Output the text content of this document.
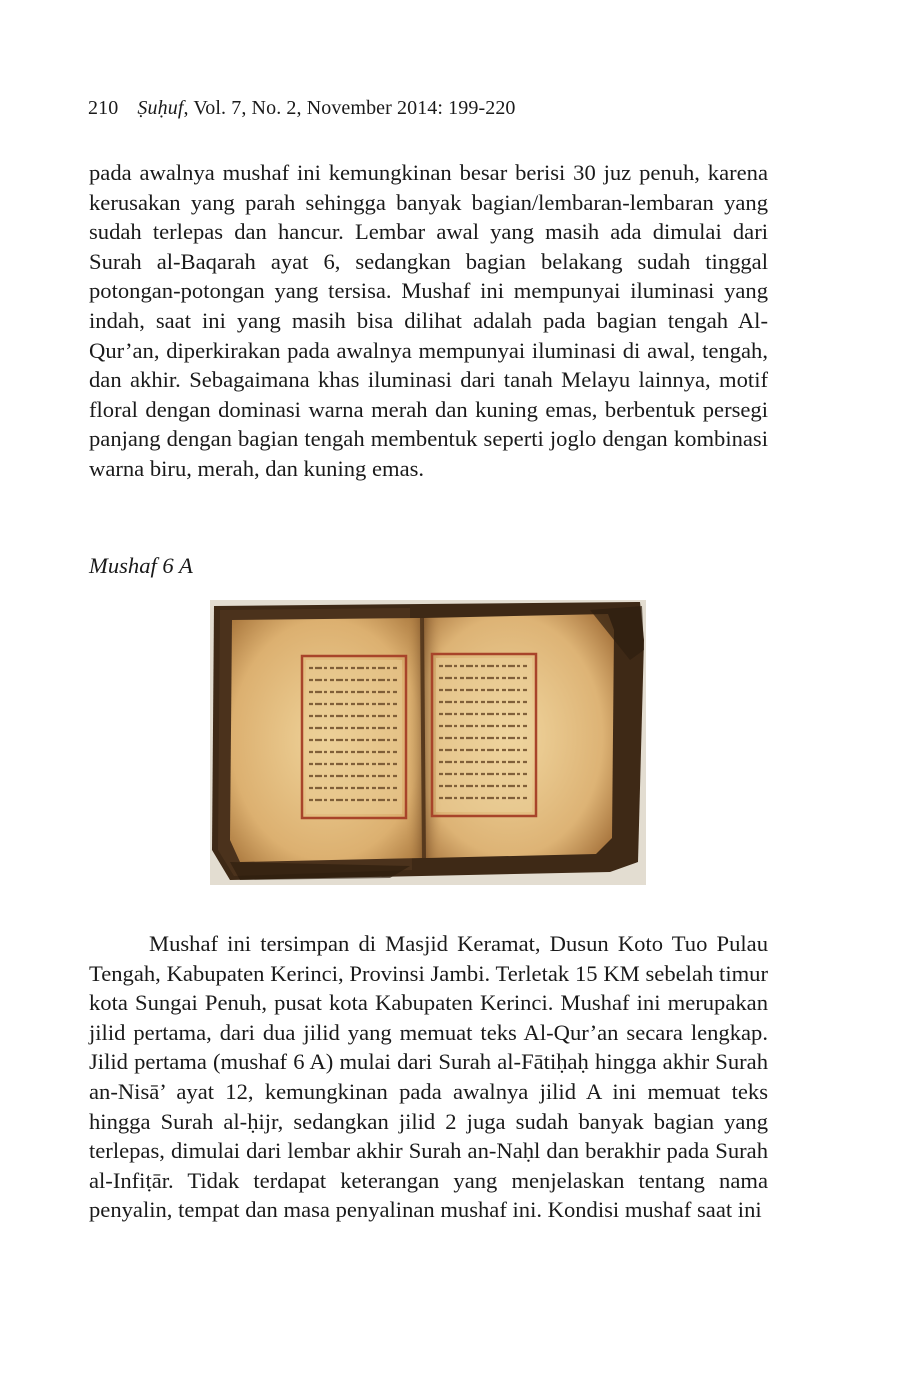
210 Ṣuḥuf, Vol. 7, No. 2, November 2014: 199-220

pada awalnya mushaf ini kemungkinan besar berisi 30 juz penuh, karena kerusakan yang parah sehingga banyak bagian/lembaran-lembaran yang sudah terlepas dan hancur. Lembar awal yang masih ada dimulai dari Surah al-Baqarah ayat 6, sedangkan bagian belakang sudah tinggal potongan-potongan yang tersisa. Mushaf ini mempunyai iluminasi yang indah, saat ini yang masih bisa dilihat adalah pada bagian tengah Al-Qur’an, diperkirakan pada awalnya mempunyai iluminasi di awal, tengah, dan akhir. Sebagaimana khas iluminasi dari tanah Melayu lainnya, motif floral dengan dominasi warna merah dan kuning emas, berbentuk persegi panjang dengan bagian tengah membentuk seperti joglo dengan kombinasi warna biru, merah, dan kuning emas.

Mushaf 6 A

Mushaf ini tersimpan di Masjid Keramat, Dusun Koto Tuo Pulau Tengah, Kabupaten Kerinci, Provinsi Jambi. Terletak 15 KM sebelah timur kota Sungai Penuh, pusat kota Kabupaten Kerinci. Mushaf ini merupakan jilid pertama, dari dua jilid yang memuat teks Al-Qur’an secara lengkap. Jilid pertama (mushaf 6 A) mulai dari Surah al-Fātiḥaḥ hingga akhir Surah an-Nisā’ ayat 12, kemungkinan pada awalnya jilid A ini memuat teks hingga Surah al-ḥijr, sedangkan jilid 2 juga sudah banyak bagian yang terlepas, dimulai dari lembar akhir Surah an-Naḥl dan berakhir pada Surah al-Infiṭār. Tidak terdapat keterangan yang menjelaskan tentang nama penyalin, tempat dan masa penyalinan mushaf ini. Kondisi mushaf saat ini
